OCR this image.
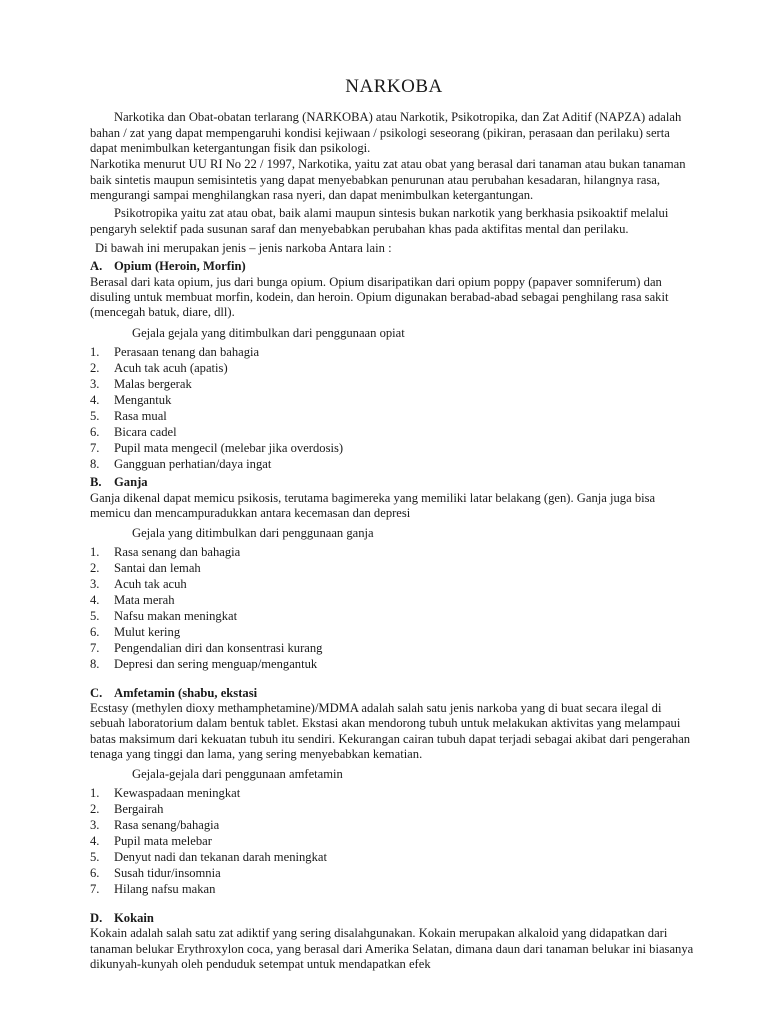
NARKOBA

Narkotika dan Obat-obatan terlarang (NARKOBA) atau Narkotik, Psikotropika, dan Zat Aditif (NAPZA) adalah bahan / zat yang dapat mempengaruhi kondisi kejiwaan / psikologi seseorang (pikiran, perasaan dan perilaku) serta dapat menimbulkan ketergantungan fisik dan psikologi.

Narkotika menurut UU RI No 22 / 1997, Narkotika, yaitu zat atau obat yang berasal dari tanaman atau bukan tanaman baik sintetis maupun semisintetis yang dapat menyebabkan penurunan atau perubahan kesadaran, hilangnya rasa, mengurangi sampai menghilangkan rasa nyeri, dan dapat menimbulkan ketergantungan.

Psikotropika yaitu zat atau obat, baik alami maupun sintesis bukan narkotik yang berkhasia psikoaktif melalui pengaryh selektif pada susunan saraf dan menyebabkan perubahan khas pada aktifitas mental dan perilaku.

Di bawah ini merupakan jenis – jenis narkoba Antara lain :

A. Opium (Heroin, Morfin)

Berasal dari kata opium, jus dari bunga opium. Opium disaripatikan dari opium poppy (papaver somniferum) dan disuling untuk membuat morfin, kodein, dan heroin. Opium digunakan berabad-abad sebagai penghilang rasa sakit (mencegah batuk, diare, dll).

Gejala gejala yang ditimbulkan dari penggunaan opiat

1.	Perasaan tenang dan bahagia
2.	Acuh tak acuh (apatis)
3.	Malas bergerak
4.	Mengantuk
5.	Rasa mual
6.	Bicara cadel
7.	Pupil mata mengecil (melebar jika overdosis)
8.	Gangguan perhatian/daya ingat
B. Ganja

Ganja dikenal dapat memicu psikosis, terutama bagimereka yang memiliki latar belakang (gen). Ganja juga bisa memicu dan mencampuradukkan antara kecemasan dan depresi

Gejala yang ditimbulkan dari penggunaan ganja

1.	Rasa senang dan bahagia
2.	Santai dan lemah
3.	Acuh tak acuh
4.	Mata merah
5.	Nafsu makan meningkat
6.	Mulut kering
7.	Pengendalian diri dan konsentrasi kurang
8.	Depresi dan sering menguap/mengantuk
C. Amfetamin (shabu, ekstasi

Ecstasy (methylen dioxy methamphetamine)/MDMA adalah salah satu jenis narkoba yang di buat secara ilegal di sebuah laboratorium dalam bentuk tablet. Ekstasi akan mendorong tubuh untuk melakukan aktivitas yang melampaui batas maksimum dari kekuatan tubuh itu sendiri. Kekurangan cairan tubuh dapat terjadi sebagai akibat dari pengerahan tenaga yang tinggi dan lama, yang sering menyebabkan kematian.

Gejala-gejala dari penggunaan amfetamin

1.	Kewaspadaan meningkat
2.	Bergairah
3.	Rasa senang/bahagia
4.	Pupil mata melebar
5.	Denyut nadi dan tekanan darah meningkat
6.	Susah tidur/insomnia
7.	Hilang nafsu makan
D. Kokain

Kokain adalah salah satu zat adiktif yang sering disalahgunakan. Kokain merupakan alkaloid yang didapatkan dari tanaman belukar Erythroxylon coca, yang berasal dari Amerika Selatan, dimana daun dari tanaman belukar ini biasanya dikunyah-kunyah oleh penduduk setempat untuk mendapatkan efek
